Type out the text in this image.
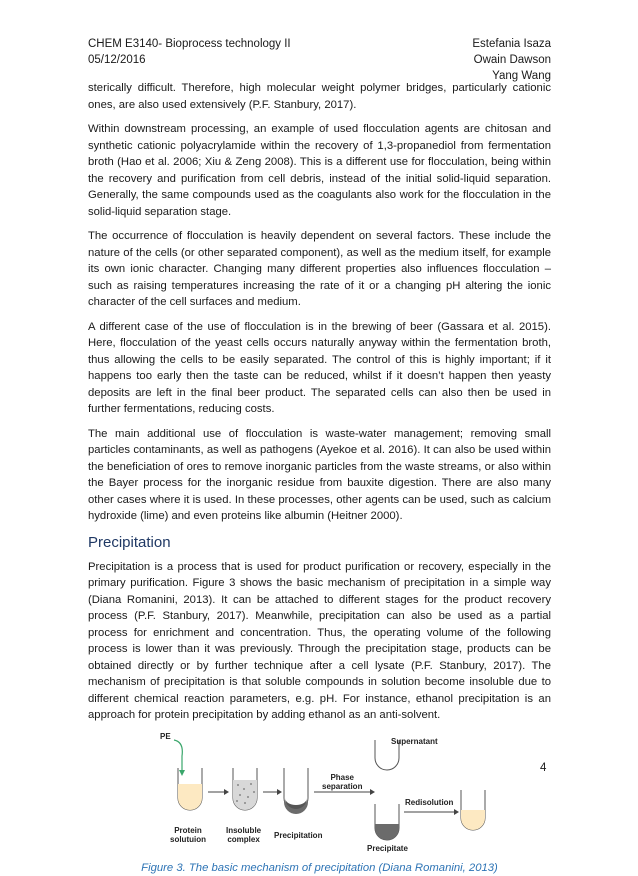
CHEM E3140- Bioprocess technology II
05/12/2016
Estefania Isaza
Owain Dawson
Yang Wang

sterically difficult. Therefore, high molecular weight polymer bridges, particularly cationic ones, are also used extensively (P.F. Stanbury, 2017).

Within downstream processing, an example of used flocculation agents are chitosan and synthetic cationic polyacrylamide within the recovery of 1,3-propanediol from fermentation broth (Hao et al. 2006; Xiu & Zeng 2008). This is a different use for flocculation, being within the recovery and purification from cell debris, instead of the initial solid-liquid separation. Generally, the same compounds used as the coagulants also work for the flocculation in the solid-liquid separation stage.

The occurrence of flocculation is heavily dependent on several factors. These include the nature of the cells (or other separated component), as well as the medium itself, for example its own ionic character. Changing many different properties also influences flocculation – such as raising temperatures increasing the rate of it or a changing pH altering the ionic character of the cell surfaces and medium.

A different case of the use of flocculation is in the brewing of beer (Gassara et al. 2015). Here, flocculation of the yeast cells occurs naturally anyway within the fermentation broth, thus allowing the cells to be easily separated. The control of this is highly important; if it happens too early then the taste can be reduced, whilst if it doesn’t happen then yeasty deposits are left in the final beer product. The separated cells can also then be used in further fermentations, reducing costs.

The main additional use of flocculation is waste-water management; removing small particles contaminants, as well as pathogens (Ayekoe et al. 2016). It can also be used within the beneficiation of ores to remove inorganic particles from the waste streams, or also within the Bayer process for the inorganic residue from bauxite digestion. There are also many other cases where it is used. In these processes, other agents can be used, such as calcium hydroxide (lime) and even proteins like albumin (Heitner 2000).

Precipitation

Precipitation is a process that is used for product purification or recovery, especially in the primary purification. Figure 3 shows the basic mechanism of precipitation in a simple way (Diana Romanini, 2013). It can be attached to different stages for the product recovery process (P.F. Stanbury, 2017). Meanwhile, precipitation can also be used as a partial process for enrichment and concentration. Thus, the operating volume of the following process is lower than it was previously. Through the precipitation stage, products can be obtained directly or by further technique after a cell lysate (P.F. Stanbury, 2017). The mechanism of precipitation is that soluble compounds in solution become insoluble due to different chemical reaction parameters, e.g. pH. For instance, ethanol precipitation is an approach for protein precipitation by adding ethanol as an anti-solvent.

PE
Protein
solutuion
Insoluble
complex Precipitation
Phase
separation
Supernatant
Redisolution
Precipitate
Figure 3. The basic mechanism of precipitation (Diana Romanini, 2013)
4
